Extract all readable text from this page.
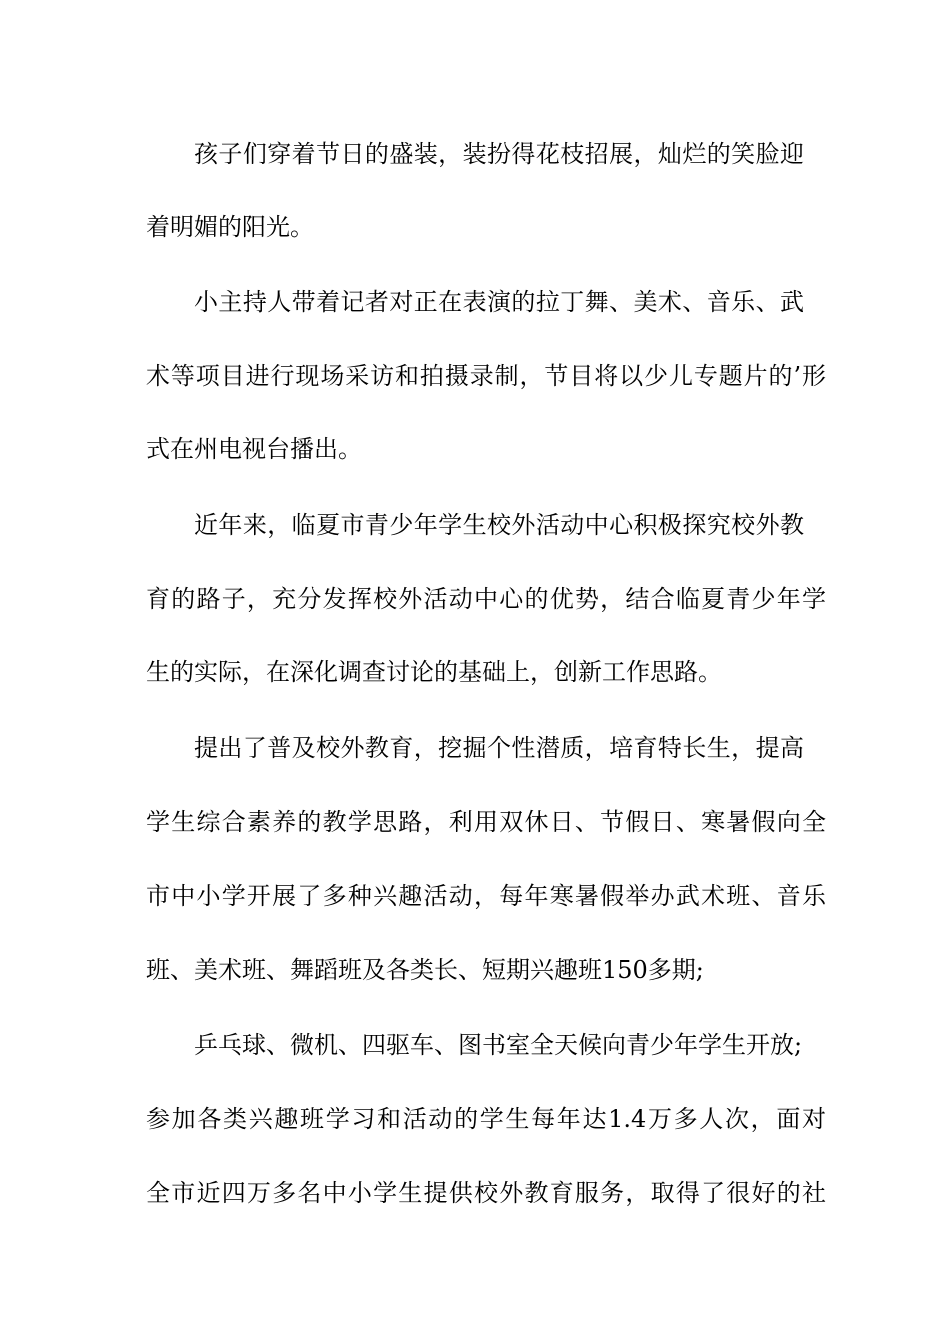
孩子们穿着节日的盛装，装扮得花枝招展，灿烂的笑脸迎

着明媚的阳光。

小主持人带着记者对正在表演的拉丁舞、美术、音乐、武

术等项目进行现场采访和拍摄录制，节目将以少儿专题片的’形

式在州电视台播出。

近年来，临夏市青少年学生校外活动中心积极探究校外教

育的路子，充分发挥校外活动中心的优势，结合临夏青少年学

生的实际，在深化调查讨论的基础上，创新工作思路。

提出了普及校外教育，挖掘个性潜质，培育特长生，提高

学生综合素养的教学思路，利用双休日、节假日、寒暑假向全

市中小学开展了多种兴趣活动，每年寒暑假举办武术班、音乐

班、美术班、舞蹈班及各类长、短期兴趣班150多期;

乒乓球、微机、四驱车、图书室全天候向青少年学生开放;

参加各类兴趣班学习和活动的学生每年达1.4万多人次，面对

全市近四万多名中小学生提供校外教育服务，取得了很好的社
